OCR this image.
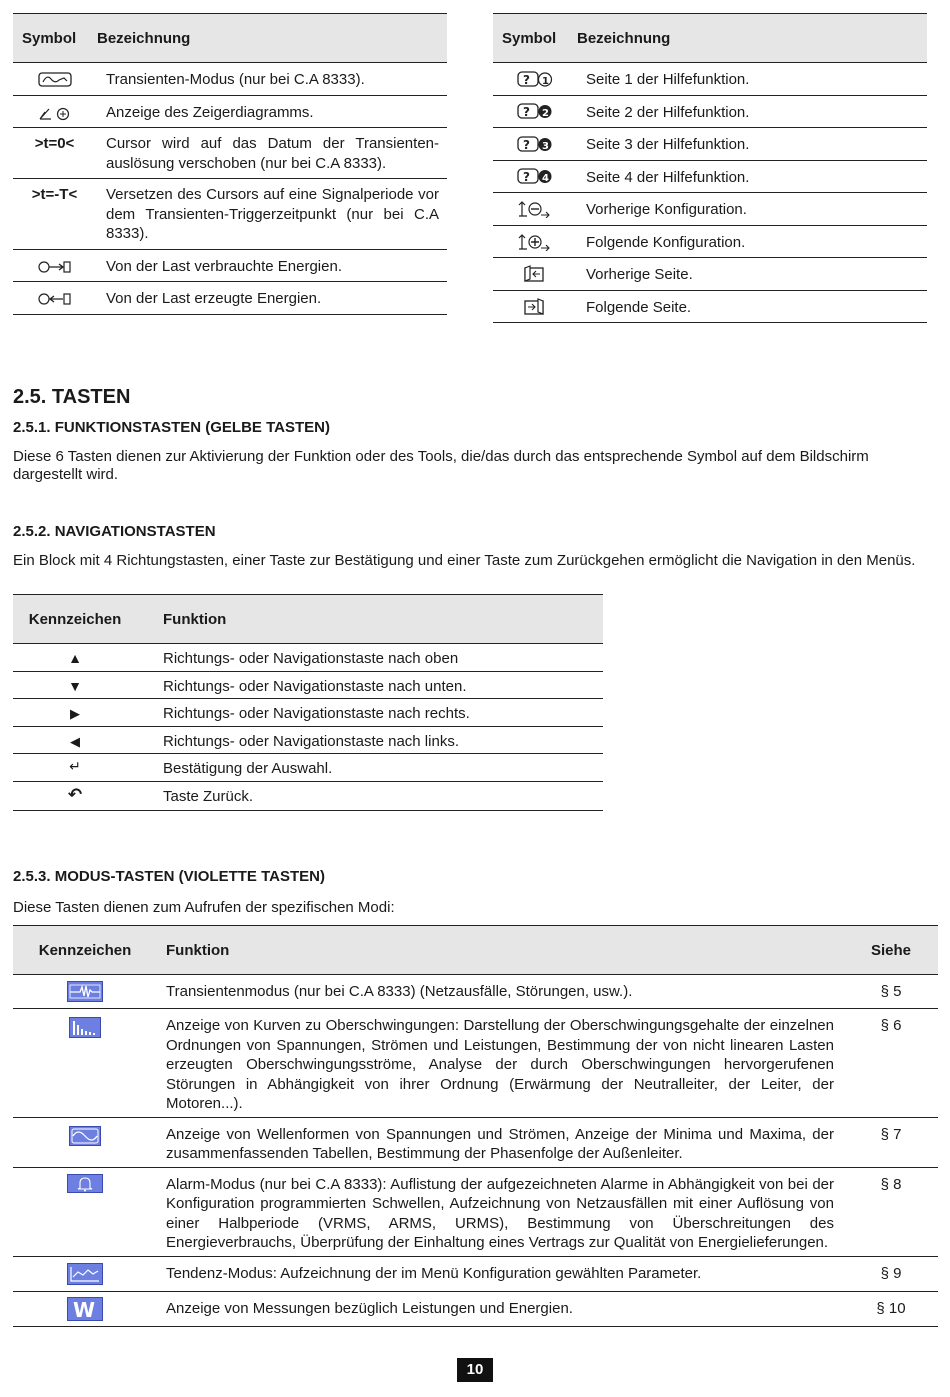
Symbol	Bezeichnung
	Transienten-Modus (nur bei C.A 8333).
	Anzeige des Zeigerdiagramms.
>t=0<	Cursor wird auf das Datum der Transienten-auslösung verschoben (nur bei C.A 8333).
>t=-T<	Versetzen des Cursors auf eine Signalperiode vor dem Transienten-Triggerzeitpunkt (nur bei C.A 8333).
	Von der Last verbrauchte Energien.
	Von der Last erzeugte Energien.
Symbol	Bezeichnung

? 1	Seite 1 der Hilfefunktion.

? 2	Seite 2 der Hilfefunktion.

? 3	Seite 3 der Hilfefunktion.

? 4	Seite 4 der Hilfefunktion.
	Vorherige Konfiguration.
	Folgende Konfiguration.
	Vorherige Seite.
	Folgende Seite.
2.5. TASTEN
2.5.1. FUNKTIONSTASTEN (GELBE TASTEN)

Diese 6 Tasten dienen zur Aktivierung der Funktion oder des Tools, die/das durch das entsprechende Symbol auf dem Bildschirm dargestellt wird.

2.5.2. NAVIGATIONSTASTEN

Ein Block mit 4 Richtungstasten, einer Taste zur Bestätigung und einer Taste zum Zurückgehen ermöglicht die Navigation in den Menüs.

Kennzeichen	Funktion
▲	Richtungs- oder Navigationstaste nach oben
▼	Richtungs- oder Navigationstaste nach unten.
▶	Richtungs- oder Navigationstaste nach rechts.
◀	Richtungs- oder Navigationstaste nach links.
↵	Bestätigung der Auswahl.
↶	Taste Zurück.
2.5.3. MODUS-TASTEN (VIOLETTE TASTEN)

Diese Tasten dienen zum Aufrufen der spezifischen Modi:

Kennzeichen	Funktion	Siehe
	Transientenmodus (nur bei C.A 8333) (Netzausfälle, Störungen, usw.).	§ 5
	Anzeige von Kurven zu Oberschwingungen: Darstellung der Oberschwingungsgehalte der einzelnen Ordnungen von Spannungen, Strömen und Leistungen, Bestimmung der von nicht linearen Lasten erzeugten Oberschwingungsströme, Analyse der durch Oberschwingungen hervorgerufenen Störungen in Abhängigkeit von ihrer Ordnung (Erwärmung der Neutralleiter, der Leiter, der Motoren...).	§ 6
	Anzeige von Wellenformen von Spannungen und Strömen, Anzeige der Minima und Maxima, der zusammenfassenden Tabellen, Bestimmung der Phasenfolge der Außenleiter.	§ 7
	Alarm-Modus (nur bei C.A 8333): Auflistung der aufgezeichneten Alarme in Abhängigkeit von bei der Konfiguration programmierten Schwellen, Aufzeichnung von Netzausfällen mit einer Auflösung von einer Halbperiode (VRMS, ARMS, URMS), Bestimmung von Überschreitungen des Energieverbrauchs, Überprüfung der Einhaltung eines Vertrags zur Qualität von Energielieferungen.	§ 8
	Tendenz-Modus: Aufzeichnung der im Menü Konfiguration gewählten Parameter.	§ 9

W	Anzeige von Messungen bezüglich Leistungen und Energien.	§ 10
10
